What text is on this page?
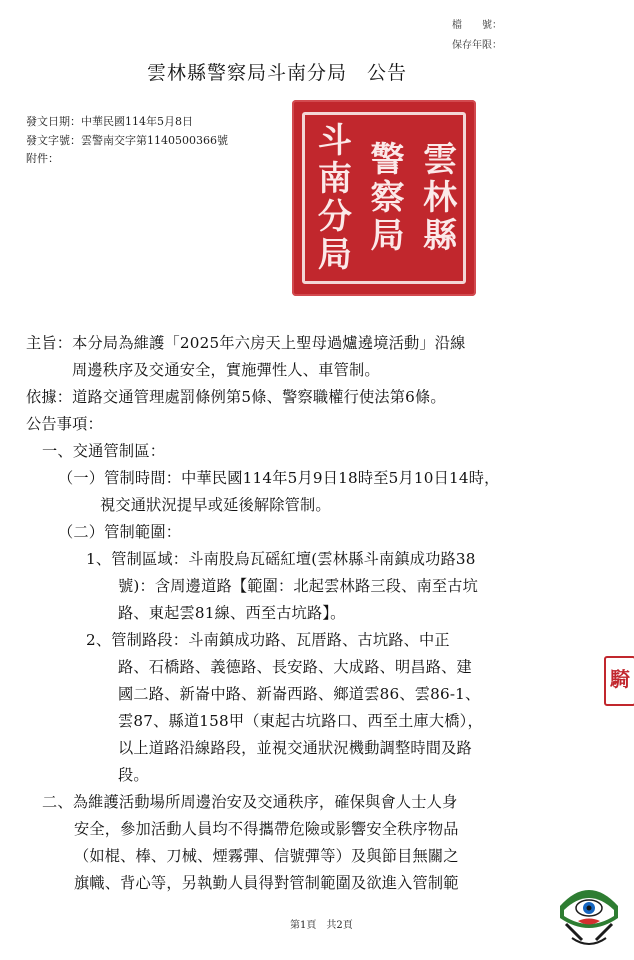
檔　　號：
保存年限：
雲林縣警察局斗南分局　公告
發文日期：中華民國114年5月8日
發文字號：雲警南交字第1140500366號
附件：	雲林縣
警察局
斗南分局
主旨：本分局為維護「2025年六房天上聖母過爐遶境活動」沿線
周邊秩序及交通安全，實施彈性人、車管制。
依據：道路交通管理處罰條例第5條、警察職權行使法第6條。
公告事項：
一、交通管制區：
（一）管制時間：中華民國114年5月9日18時至5月10日14時，
視交通狀況提早或延後解除管制。
（二）管制範圍：
1、管制區域：斗南股烏瓦磘紅壇(雲林縣斗南鎮成功路38
號)：含周邊道路【範圍：北起雲林路三段、南至古坑
路、東起雲81線、西至古坑路】。
2、管制路段：斗南鎮成功路、瓦厝路、古坑路、中正
路、石橋路、義德路、長安路、大成路、明昌路、建
國二路、新崙中路、新崙西路、鄉道雲86、雲86-1、
雲87、縣道158甲（東起古坑路口、西至土庫大橋），
以上道路沿線路段，並視交通狀況機動調整時間及路
段。
二、為維護活動場所周邊治安及交通秩序，確保與會人士人身
安全，參加活動人員均不得攜帶危險或影響安全秩序物品
（如棍、棒、刀械、煙霧彈、信號彈等）及與節目無關之
旗幟、背心等，另執勤人員得對管制範圍及欲進入管制範
騎
第1頁　共2頁
